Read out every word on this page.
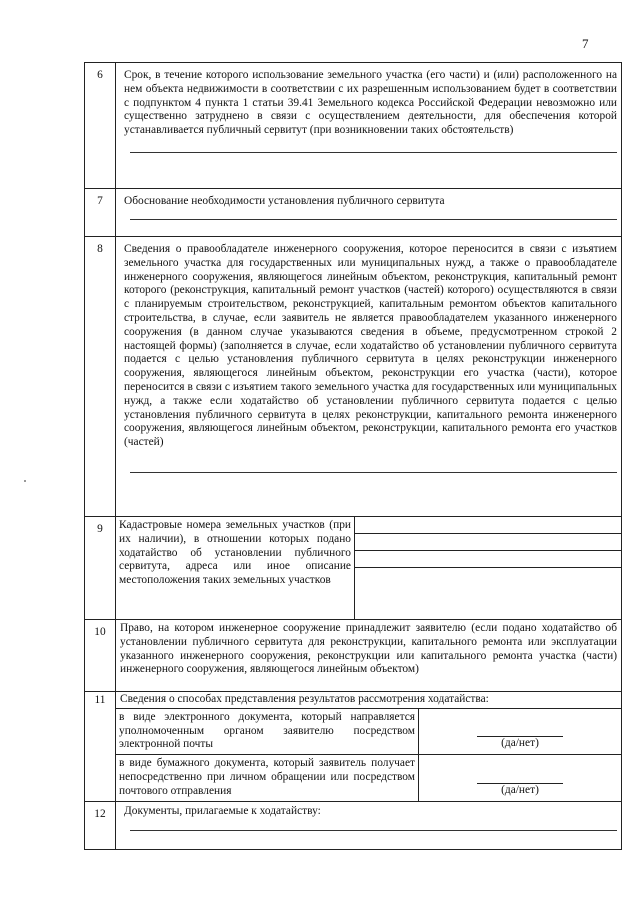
7
6	Срок, в течение которого использование земельного участка (его части) и (или) расположенного на нем объекта недвижимости в соответствии с их разрешенным использованием будет в соответствии с подпунктом 4 пункта 1 статьи 39.41 Земельного кодекса Российской Федерации невозможно или существенно затруднено в связи с осуществлением деятельности, для обеспечения которой устанавливается публичный сервитут (при возникновении таких обстоятельств)

7	Обоснование необходимости установления публичного сервитута

8	Сведения о правообладателе инженерного сооружения, которое переносится в связи с изъятием земельного участка для государственных или муниципальных нужд, а также о правообладателе инженерного сооружения, являющегося линейным объектом, реконструкция, капитальный ремонт которого (реконструкция, капитальный ремонт участков (частей) которого) осуществляются в связи с планируемым строительством, реконструкцией, капитальным ремонтом объектов капитального строительства, в случае, если заявитель не является правообладателем указанного инженерного сооружения (в данном случае указываются сведения в объеме, предусмотренном строкой 2 настоящей формы) (заполняется в случае, если ходатайство об установлении публичного сервитута подается с целью установления публичного сервитута в целях реконструкции инженерного сооружения, являющегося линейным объектом, реконструкции его участка (части), которое переносится в связи с изъятием такого земельного участка для государственных или муниципальных нужд, а также если ходатайство об установлении публичного сервитута подается с целью установления публичного сервитута в целях реконструкции, капитального ремонта инженерного сооружения, являющегося линейным объектом, реконструкции, капитального ремонта его участков (частей)

9	Кадастровые номера земельных участков (при их наличии), в отношении которых подано ходатайство об установлении публичного сервитута, адреса или иное описание местоположения таких земельных участков

10	Право, на котором инженерное сооружение принадлежит заявителю (если подано ходатайство об установлении публичного сервитута для реконструкции, капитального ремонта или эксплуатации указанного инженерного сооружения, реконструкции или капитального ремонта участка (части) инженерного сооружения, являющегося линейным объектом)

11	Сведения о способах представления результатов рассмотрения ходатайства:

в виде электронного документа, который направляется уполномоченным органом заявителю посредством электронной почты	(да/нет)

в виде бумажного документа, который заявитель получает непосредственно при личном обращении или посредством почтового отправления	(да/нет)

12	Документы, прилагаемые к ходатайству:
